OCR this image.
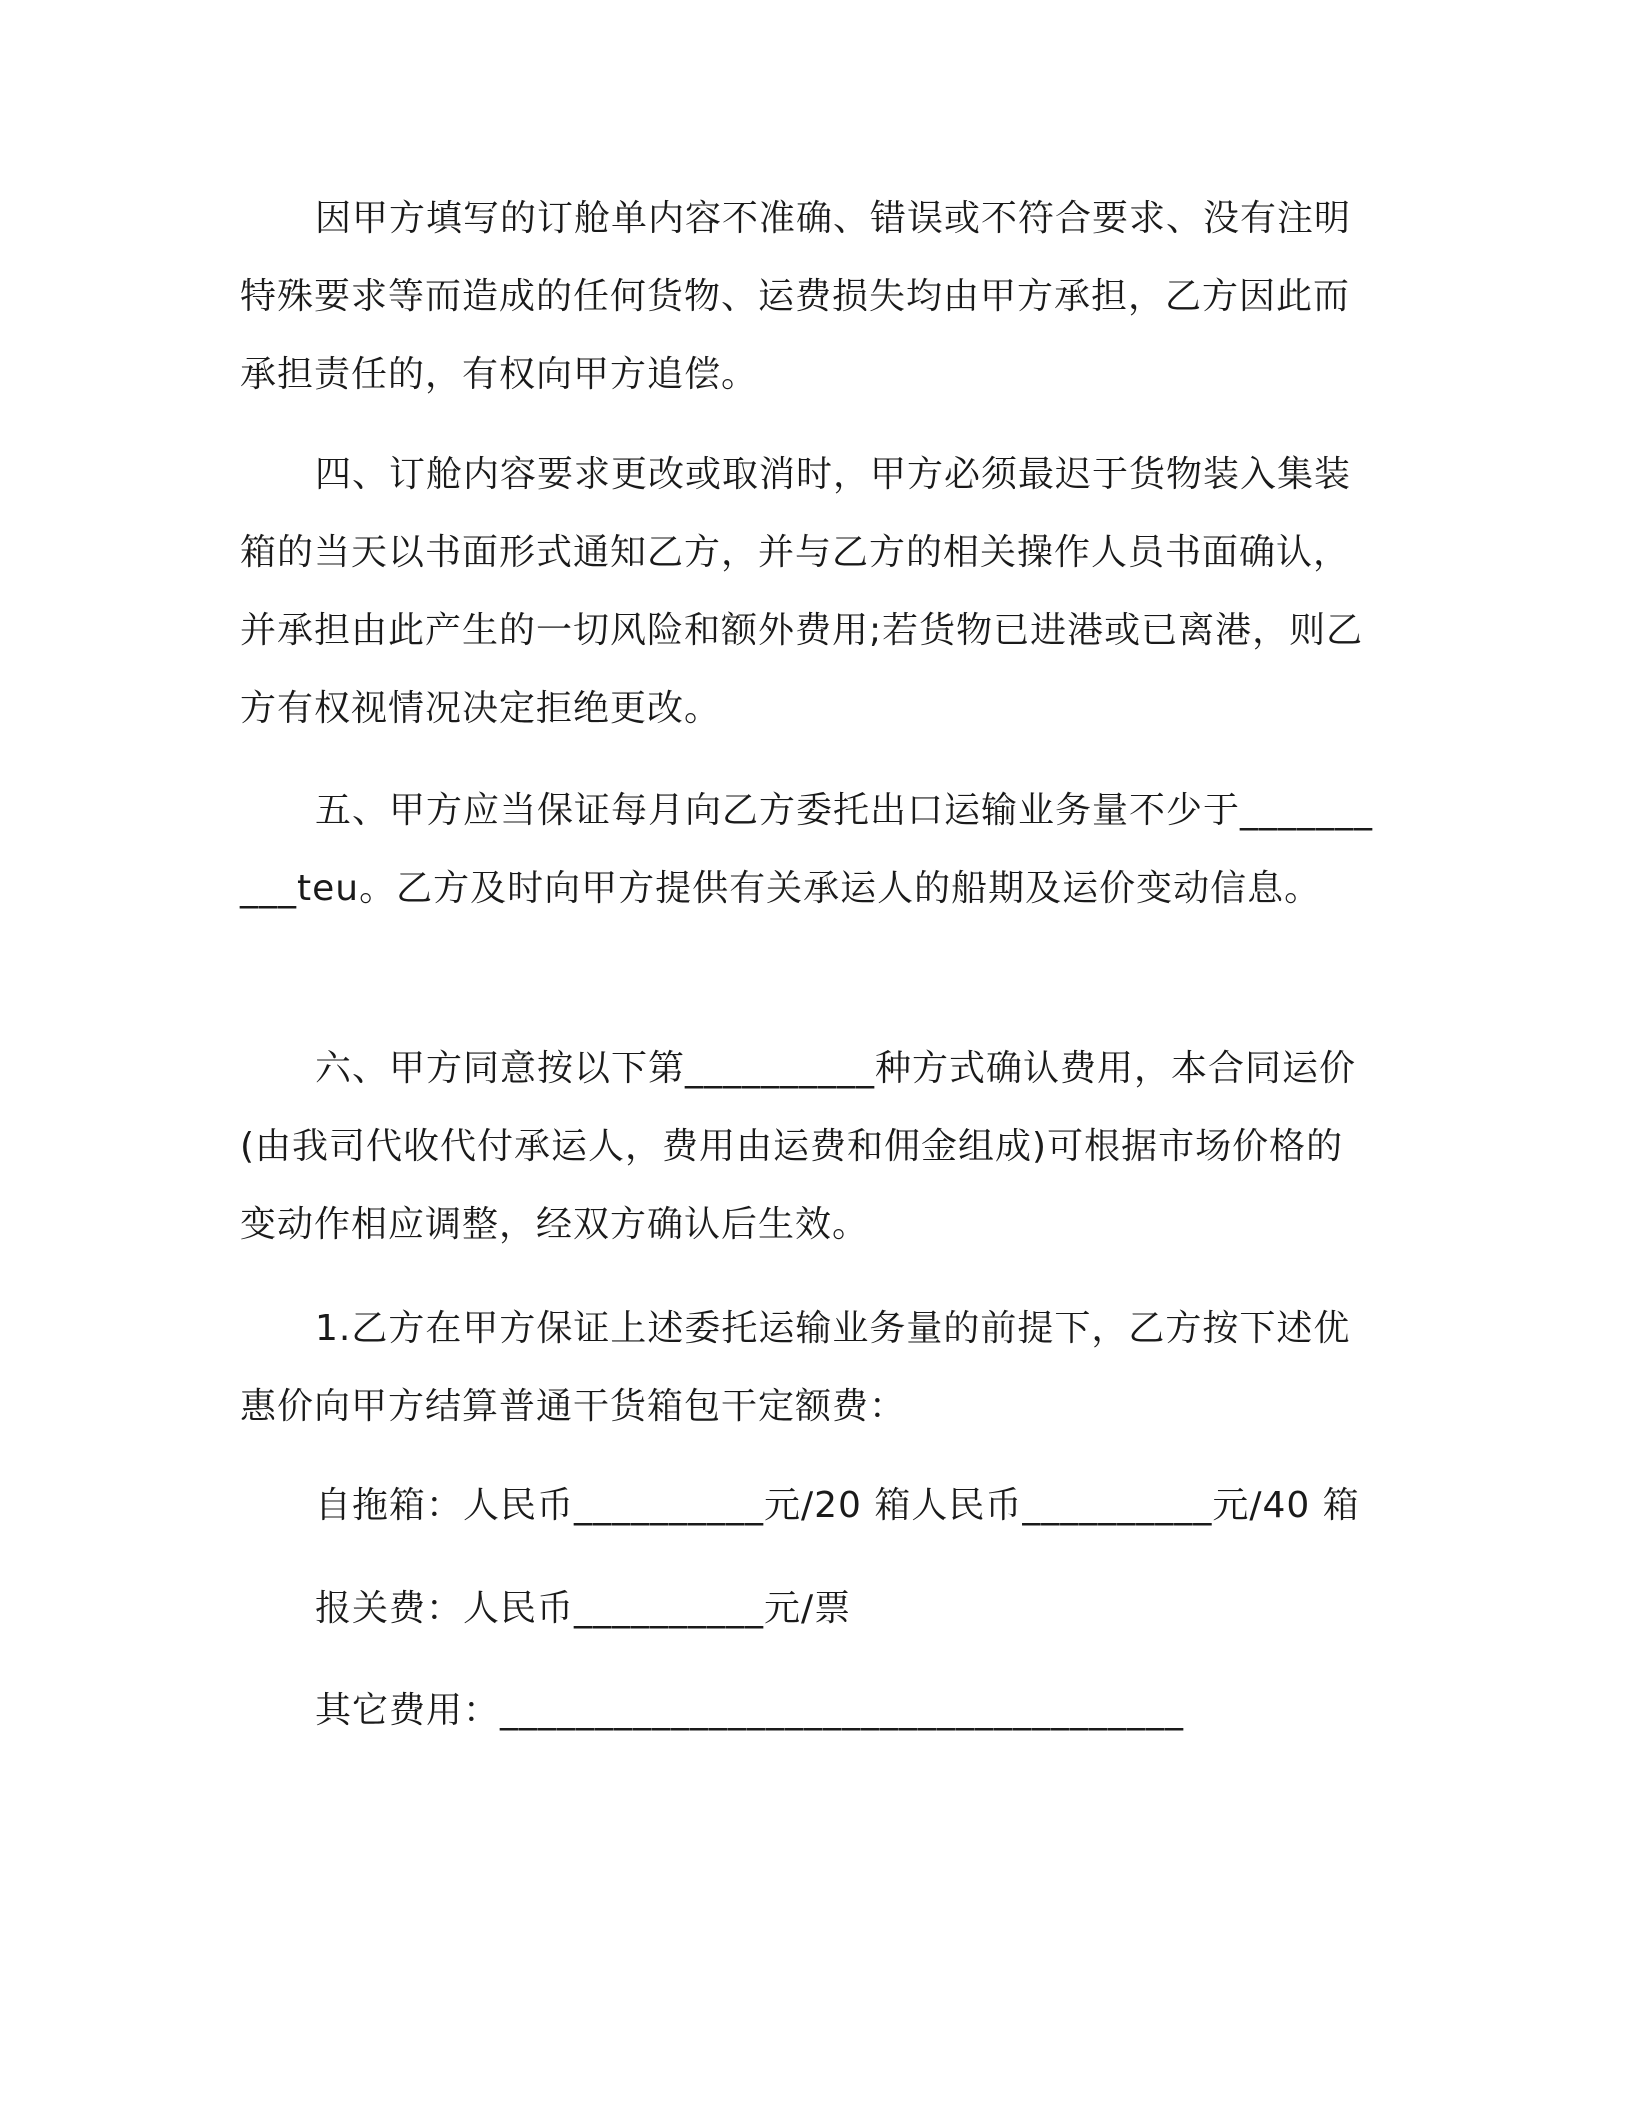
因甲方填写的订舱单内容不准确、错误或不符合要求、没有注明特殊要求等而造成的任何货物、运费损失均由甲方承担，乙方因此而承担责任的，有权向甲方追偿。

四、订舱内容要求更改或取消时，甲方必须最迟于货物装入集装箱的当天以书面形式通知乙方，并与乙方的相关操作人员书面确认，并承担由此产生的一切风险和额外费用;若货物已进港或已离港，则乙方有权视情况决定拒绝更改。

五、甲方应当保证每月向乙方委托出口运输业务量不少于__________teu。乙方及时向甲方提供有关承运人的船期及运价变动信息。

六、甲方同意按以下第__________种方式确认费用，本合同运价(由我司代收代付承运人，费用由运费和佣金组成)可根据市场价格的变动作相应调整，经双方确认后生效。

1.乙方在甲方保证上述委托运输业务量的前提下，乙方按下述优惠价向甲方结算普通干货箱包干定额费：

自拖箱：人民币__________元/20 箱人民币__________元/40 箱

报关费：人民币__________元/票

其它费用：____________________________________
